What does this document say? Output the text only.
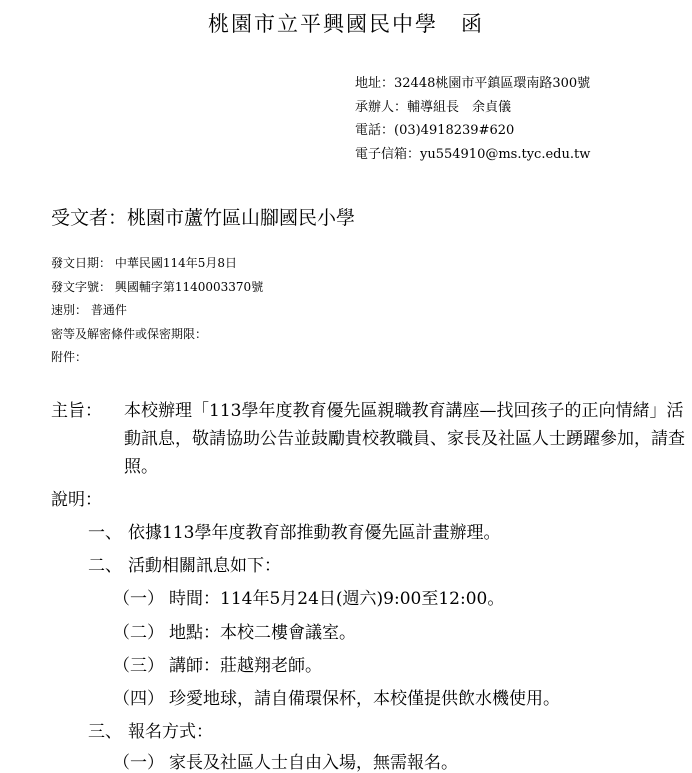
桃園市立平興國民中學　函
地址：32448桃園市平鎮區環南路300號
承辦人：輔導組長　余貞儀
電話：(03)4918239#620
電子信箱：yu554910@ms.tyc.edu.tw
受文者：桃園市蘆竹區山腳國民小學
發文日期： 中華民國114年5月8日
發文字號： 興國輔字第1140003370號
速別： 普通件
密等及解密條件或保密期限：
附件：
主旨： 本校辦理「113學年度教育優先區親職教育講座—找回孩子的正向情緒」活動訊息，敬請協助公告並鼓勵貴校教職員、家長及社區人士踴躍參加，請查照。
說明：
一、 依據113學年度教育部推動教育優先區計畫辦理。
二、 活動相關訊息如下：
（一） 時間：114年5月24日(週六)9:00至12:00。
（二） 地點：本校二樓會議室。
（三） 講師：莊越翔老師。
（四） 珍愛地球，請自備環保杯，本校僅提供飲水機使用。
三、 報名方式：
（一） 家長及社區人士自由入場，無需報名。
